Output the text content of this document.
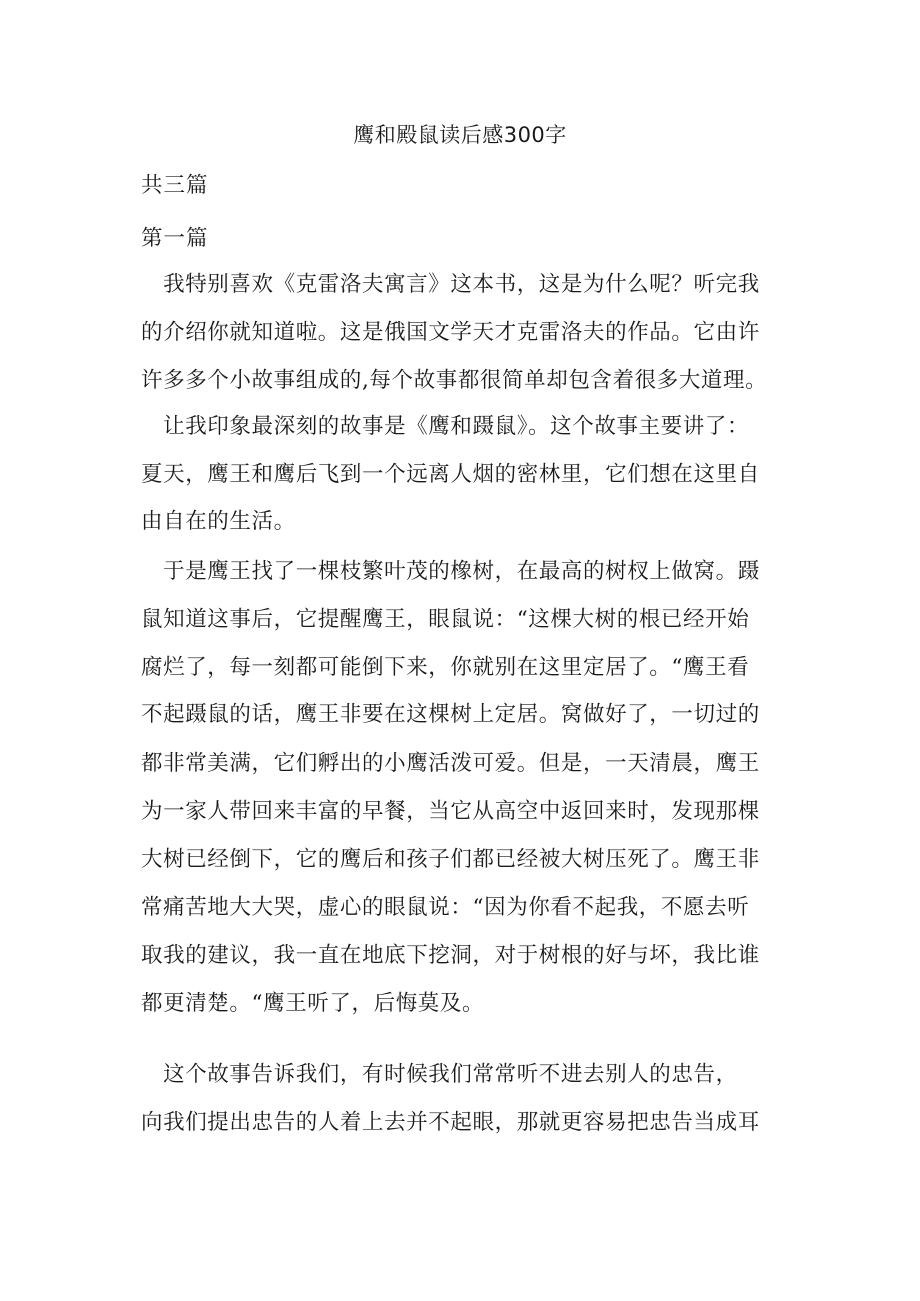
鹰和殿鼠读后感300字
共三篇
第一篇
　我特别喜欢《克雷洛夫寓言》这本书，这是为什么呢？听完我
的介绍你就知道啦。这是俄国文学天才克雷洛夫的作品。它由许
许多多个小故事组成的,每个故事都很简单却包含着很多大道理。
　让我印象最深刻的故事是《鹰和蹑鼠》。这个故事主要讲了：
夏天，鹰王和鹰后飞到一个远离人烟的密林里，它们想在这里自
由自在的生活。
　于是鹰王找了一棵枝繁叶茂的橡树，在最高的树杈上做窝。蹑
鼠知道这事后，它提醒鹰王，眼鼠说：“这棵大树的根已经开始
腐烂了，每一刻都可能倒下来，你就别在这里定居了。“鹰王看
不起蹑鼠的话，鹰王非要在这棵树上定居。窝做好了，一切过的
都非常美满，它们孵出的小鹰活泼可爱。但是，一天清晨，鹰王
为一家人带回来丰富的早餐，当它从高空中返回来时，发现那棵
大树已经倒下，它的鹰后和孩子们都已经被大树压死了。鹰王非
常痛苦地大大哭，虚心的眼鼠说：“因为你看不起我，不愿去听
取我的建议，我一直在地底下挖洞，对于树根的好与坏，我比谁
都更清楚。“鹰王听了，后悔莫及。
　这个故事告诉我们，有时候我们常常听不进去别人的忠告，
向我们提出忠告的人着上去并不起眼，那就更容易把忠告当成耳
